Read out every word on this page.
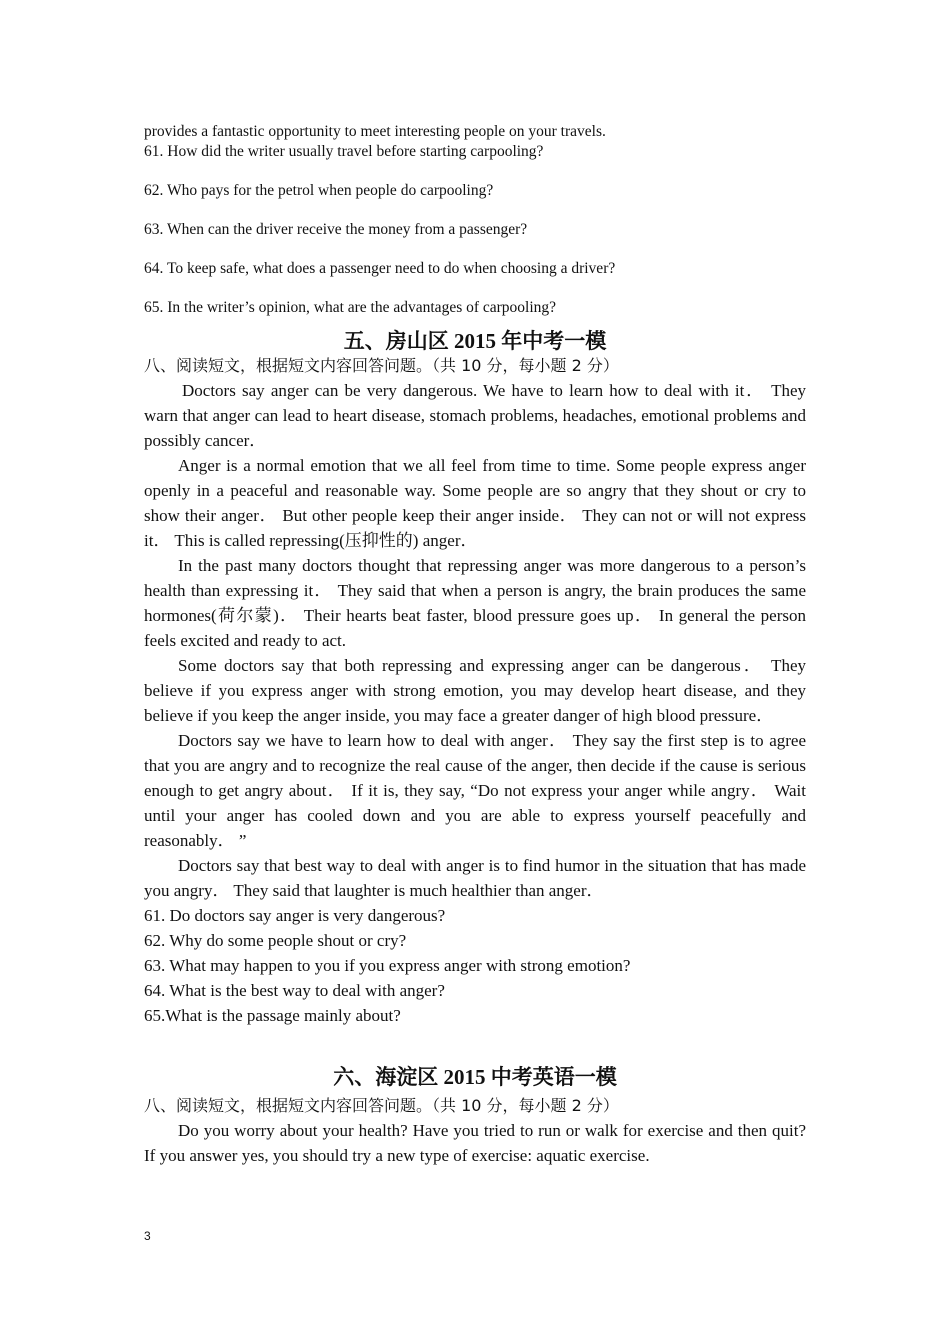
provides a fantastic opportunity to meet interesting people on your travels.
61. How did the writer usually travel before starting carpooling?
62. Who pays for the petrol when people do carpooling?
63. When can the driver receive the money from a passenger?
64. To keep safe, what does a passenger need to do when choosing a driver?
65. In the writer’s opinion, what are the advantages of carpooling?
五、房山区 2015 年中考一模

八、阅读短文，根据短文内容回答问题。（共 10 分，每小题 2 分）

Doctors say anger can be very dangerous. We have to learn how to deal with it． They warn that anger can lead to heart disease, stomach problems, headaches, emotional problems and possibly cancer．

Anger is a normal emotion that we all feel from time to time. Some people express anger openly in a peaceful and reasonable way. Some people are so angry that they shout or cry to show their anger． But other people keep their anger inside． They can not or will not express it． This is called repressing(压抑性的) anger．

In the past many doctors thought that repressing anger was more dangerous to a person’s health than expressing it． They said that when a person is angry, the brain produces the same hormones(荷尔蒙)． Their hearts beat faster, blood pressure goes up． In general the person feels excited and ready to act.

Some doctors say that both repressing and expressing anger can be dangerous． They believe if you express anger with strong emotion, you may develop heart disease, and they believe if you keep the anger inside, you may face a greater danger of high blood pressure．

Doctors say we have to learn how to deal with anger． They say the first step is to agree that you are angry and to recognize the real cause of the anger, then decide if the cause is serious enough to get angry about． If it is, they say, “Do not express your anger while angry． Wait until your anger has cooled down and you are able to express yourself peacefully and reasonably． ”

Doctors say that best way to deal with anger is to find humor in the situation that has made you angry． They said that laughter is much healthier than anger．

61. Do doctors say anger is very dangerous?

62. Why do some people shout or cry?

63. What may happen to you if you express anger with strong emotion?

64. What is the best way to deal with anger?

65.What is the passage mainly about?

六、海淀区 2015 中考英语一模

八、阅读短文，根据短文内容回答问题。（共 10 分，每小题 2 分）

Do you worry about your health? Have you tried to run or walk for exercise and then quit? If you answer yes, you should try a new type of exercise: aquatic exercise.

3
